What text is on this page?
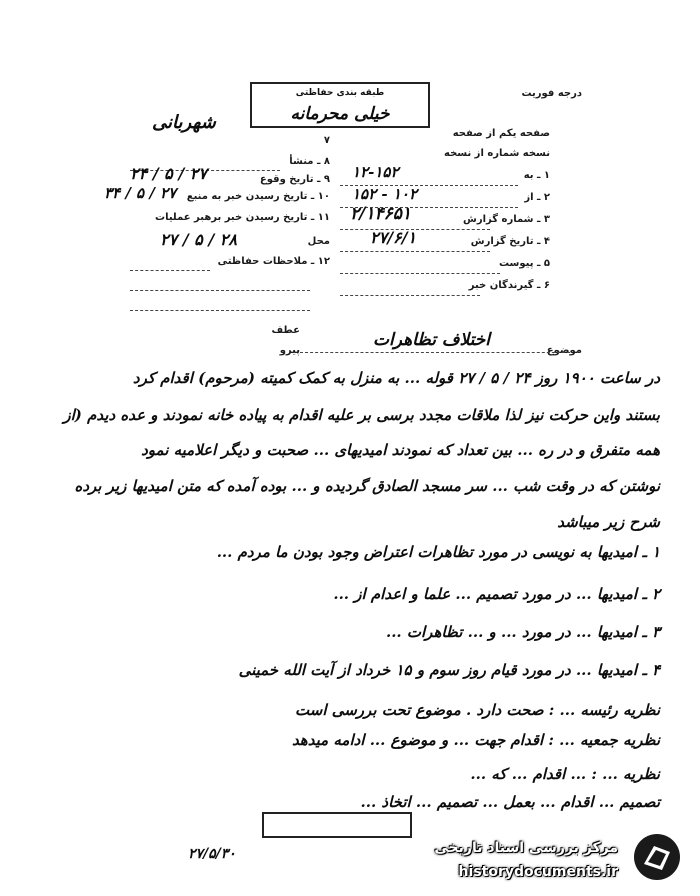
درجه فوریت
طبقه بندی حفاظتی
خیلی محرمانه
شهربانی
صفحه یکم از صفحه
نسخه شماره از نسخه
۱ ـ به
۱۲-۱۵۲
۲ ـ از
۱۵۲ - ۱۰۲
۳ ـ شماره گزارش
۲/۱۴۶۵۱
۴ ـ تاریخ گزارش
۲۷/۶/۱
۵ ـ پیوست
۶ ـ گیرندگان خبر
۷
۸ ـ منشأ
۹ ـ تاریخ وقوع
۲۴ / ۵ / ۲۷
۱۰ ـ تاریخ رسیدن خبر به منبع
۳۴ / ۵ / ۲۷
۱۱ ـ تاریخ رسیدن خبر برهبر عملیات
محل
۲۷ / ۵ / ۲۸
۱۲ ـ ملاحظات حفاظتی
موضوع
اختلاف تظاهرات
عطف
پیرو
در ساعت ۱۹۰۰ روز ۲۴ / ۵ / ۲۷ قوله ... به منزل به کمک کمیته (مرحوم) اقدام کرد
بستند واین حرکت نیز لذا ملاقات مجدد برسی بر علیه اقدام به پیاده خانه نمودند و عده دیدم (از
همه متفرق و در ره ... بین تعداد که نمودند امیدیهای ... صحبت و دیگر اعلامیه نمود
نوشتن که در وقت شب ... سر مسجد الصادق گردیده و ... بوده آمده که متن امیدیها زیر برده
شرح زیر میباشد
۱ ـ امیدیها به نویسی در مورد تظاهرات اعتراض وجود بودن ما مردم ...
۲ ـ امیدیها ... در مورد تصمیم ... علما و اعدام از ...
۳ ـ امیدیها ... در مورد ... و ... تظاهرات ...
۴ ـ امیدیها ... در مورد قیام روز سوم و ۱۵ خرداد از آیت الله خمینی
نظریه رئیسه ... : صحت دارد . موضوع تحت بررسی است
نظریه جمعیه ... : اقدام جهت ... و موضوع ... ادامه میدهد
نظریه ... : ... اقدام ... که ...
تصمیم ... اقدام ... بعمل ... تصمیم ... اتخاذ ...
۲۷/۵/۳۰	مرکز بررسی اسناد تاریخی
historydocuments.ir
